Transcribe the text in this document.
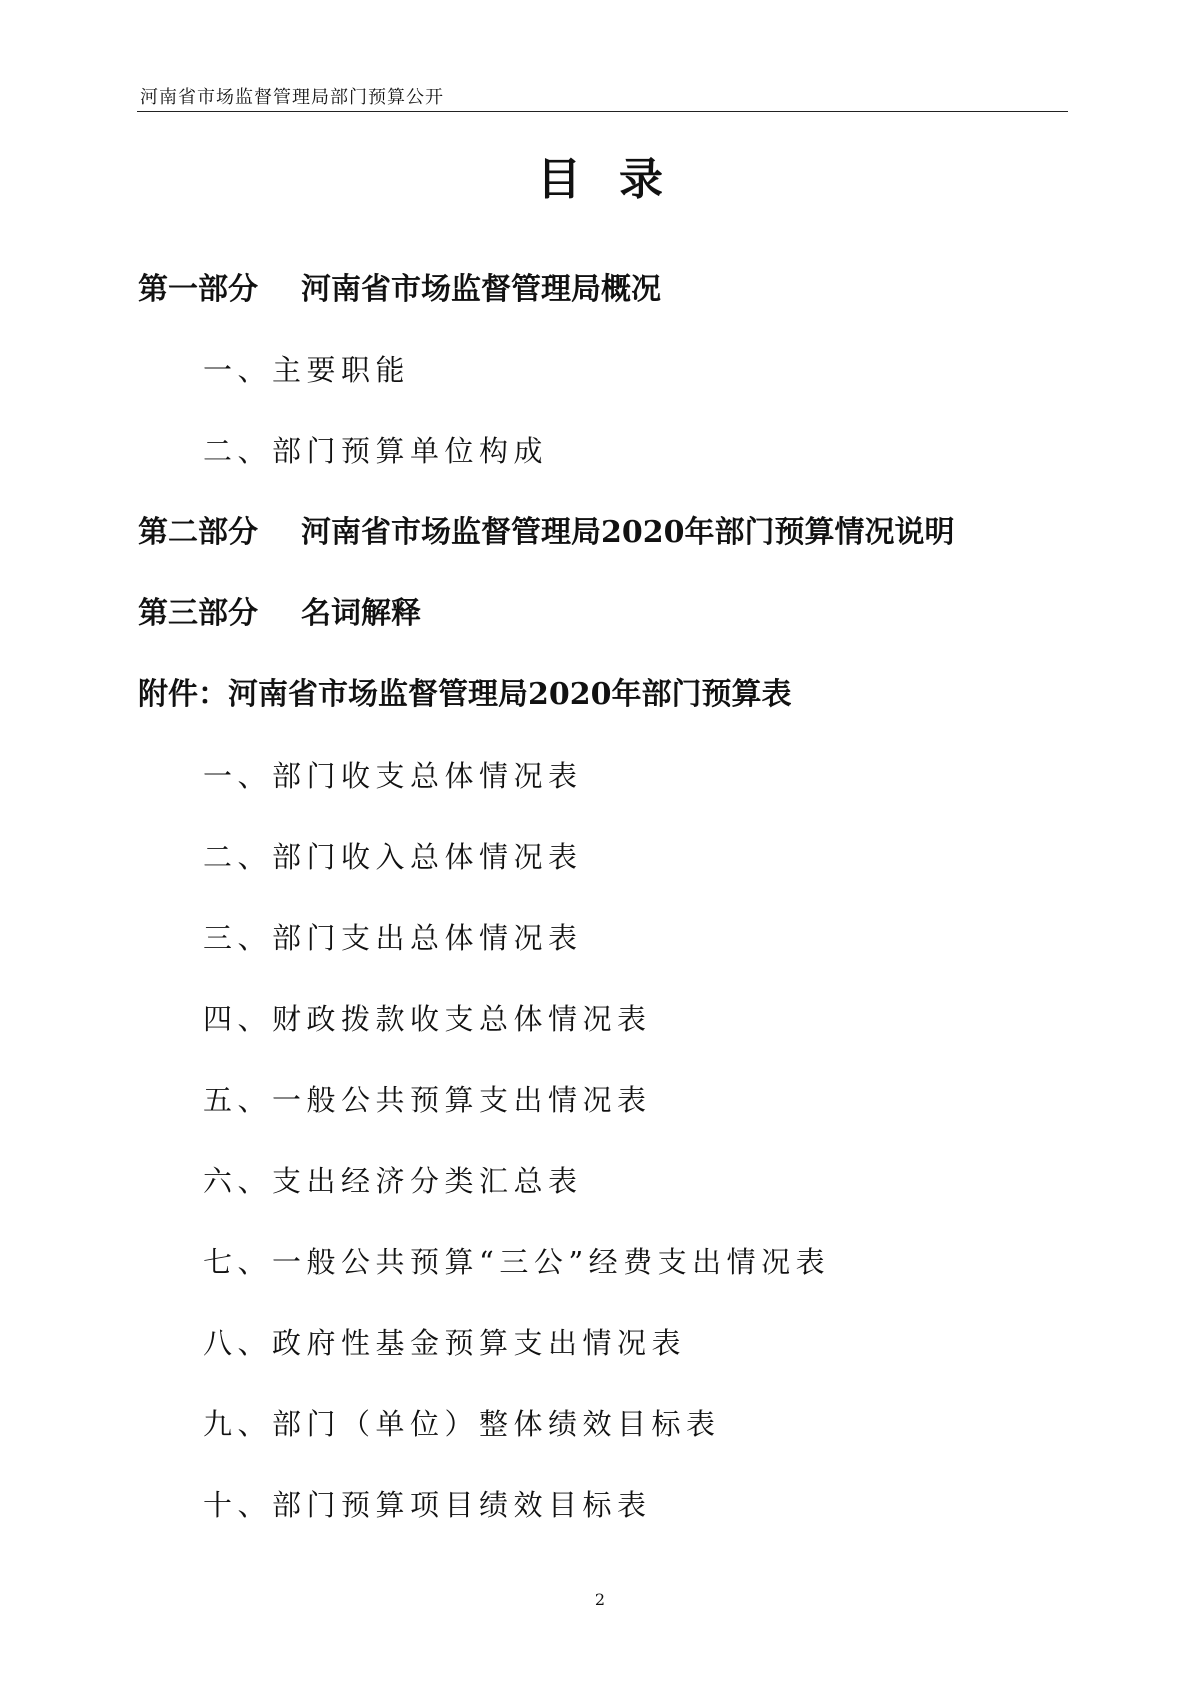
河南省市场监督管理局部门预算公开
目录
第一部分 河南省市场监督管理局概况
一、主要职能
二、部门预算单位构成
第二部分 河南省市场监督管理局2020年部门预算情况说明
第三部分 名词解释
附件：河南省市场监督管理局2020年部门预算表
一、部门收支总体情况表
二、部门收入总体情况表
三、部门支出总体情况表
四、财政拨款收支总体情况表
五、一般公共预算支出情况表
六、支出经济分类汇总表
七、一般公共预算“三公”经费支出情况表
八、政府性基金预算支出情况表
九、部门（单位）整体绩效目标表
十、部门预算项目绩效目标表
2
